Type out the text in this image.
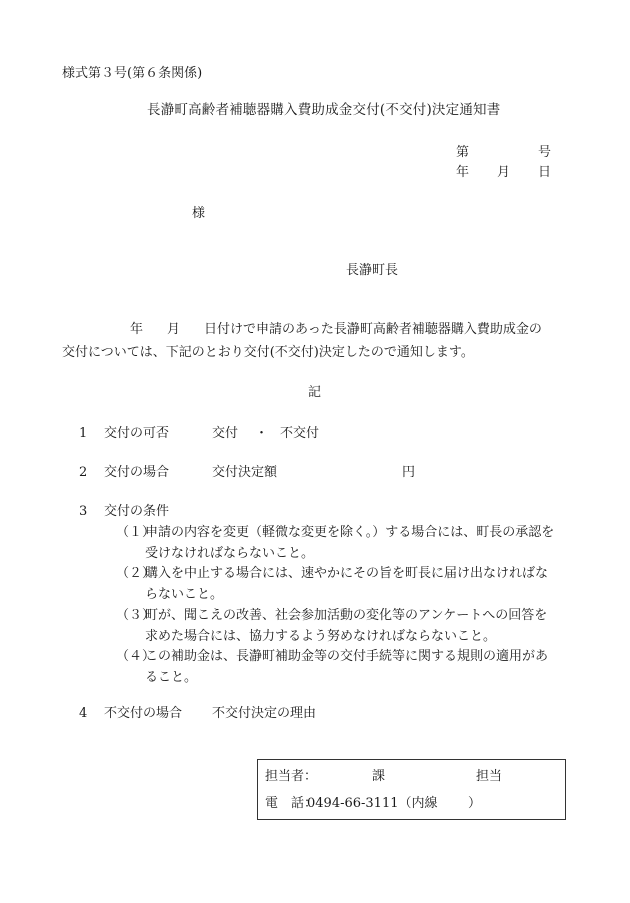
様式第３号(第６条関係)
長瀞町高齢者補聴器購入費助成金交付(不交付)決定通知書
第	号
年 月 日
様
長瀞町長
年 月 日付けで申請のあった長瀞町高齢者補聴器購入費助成金の
交付については、下記のとおり交付(不交付)決定したので通知します。
記
1 交付の可否	交付 ・ 不交付
2 交付の場合	交付決定額	円
3 交付の条件
（１）
申請の内容を変更（軽微な変更を除く。）する場合には、町長の承認を
受けなければならないこと。
（２）
購入を中止する場合には、速やかにその旨を町長に届け出なければな
らないこと。
（３）
町が、聞こえの改善、社会参加活動の変化等のアンケートへの回答を
求めた場合には、協力するよう努めなければならないこと。
（４）
この補助金は、長瀞町補助金等の交付手続等に関する規則の適用があ
ること。
4 不交付の場合 不交付決定の理由
担当者：	課	担当
電　話：
0494-66-3111（内線 ）
